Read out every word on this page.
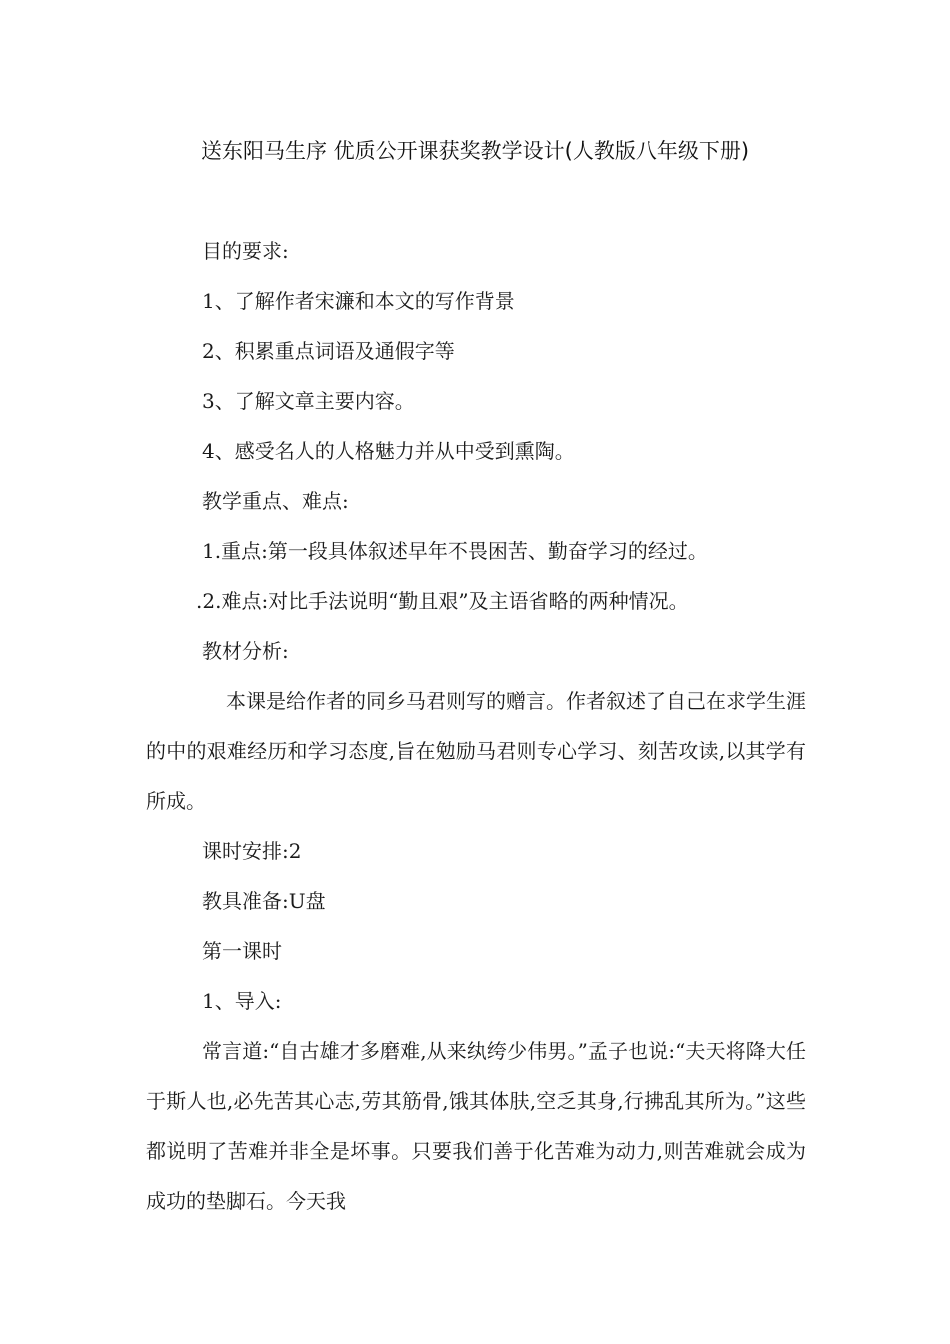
送东阳马生序 优质公开课获奖教学设计(人教版八年级下册)
目的要求:
1、了解作者宋濂和本文的写作背景
2、积累重点词语及通假字等
3、了解文章主要内容。
4、感受名人的人格魅力并从中受到熏陶。
教学重点、难点:
1.重点:第一段具体叙述早年不畏困苦、勤奋学习的经过。
.2.难点:对比手法说明“勤且艰”及主语省略的两种情况。
教材分析:
本课是给作者的同乡马君则写的赠言。作者叙述了自己在求学生涯的中的艰难经历和学习态度,旨在勉励马君则专心学习、刻苦攻读,以其学有所成。
课时安排:2
教具准备:U盘
第一课时
1、导入:
常言道:“自古雄才多磨难,从来纨绔少伟男。”孟子也说:“夫天将降大任于斯人也,必先苦其心志,劳其筋骨,饿其体肤,空乏其身,行拂乱其所为。”这些都说明了苦难并非全是坏事。只要我们善于化苦难为动力,则苦难就会成为成功的垫脚石。今天我
